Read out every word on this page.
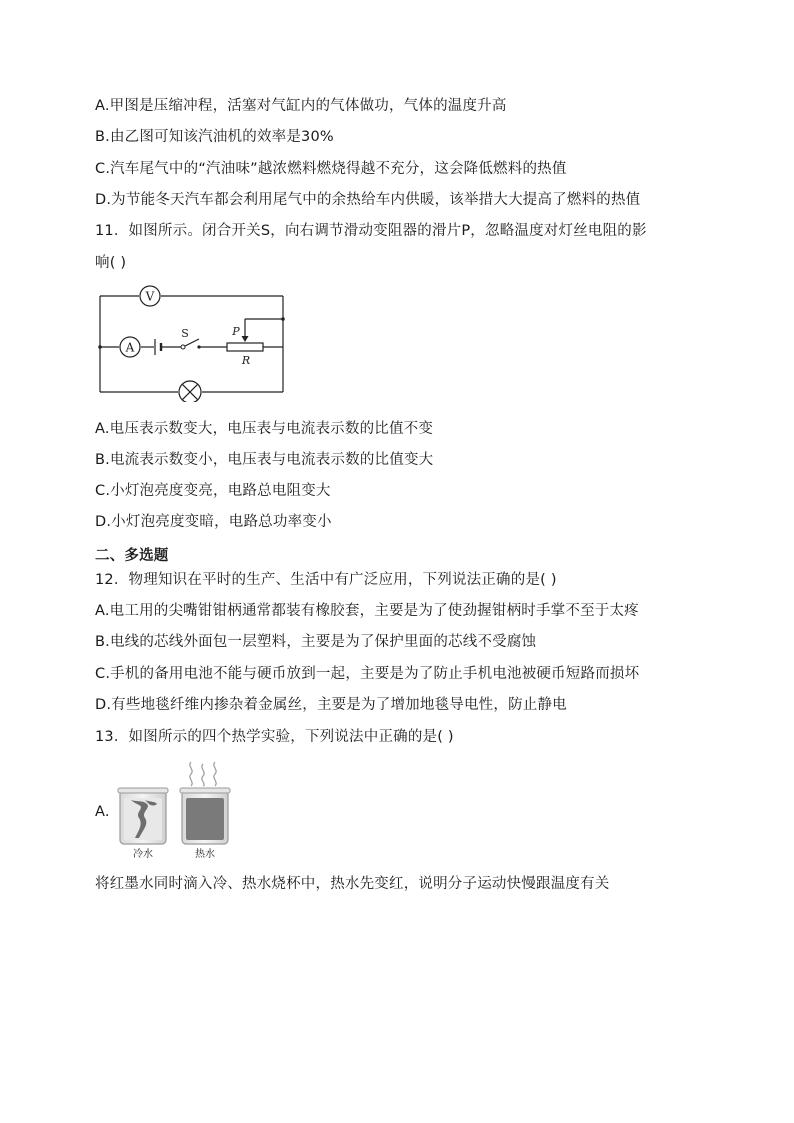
A.甲图是压缩冲程，活塞对气缸内的气体做功，气体的温度升高
B.由乙图可知该汽油机的效率是30%
C.汽车尾气中的“汽油味”越浓燃料燃烧得越不充分，这会降低燃料的热值
D.为节能冬天汽车都会利用尾气中的余热给车内供暖，该举措大大提高了燃料的热值
11．如图所示。闭合开关S，向右调节滑动变阻器的滑片P，忽略温度对灯丝电阻的影
响( )
V
A
S	P
R
A.电压表示数变大，电压表与电流表示数的比值不变
B.电流表示数变小，电压表与电流表示数的比值变大
C.小灯泡亮度变亮，电路总电阻变大
D.小灯泡亮度变暗，电路总功率变小
二、多选题
12．物理知识在平时的生产、生活中有广泛应用，下列说法正确的是( )
A.电工用的尖嘴钳钳柄通常都装有橡胶套，主要是为了使劲握钳柄时手掌不至于太疼
B.电线的芯线外面包一层塑料，主要是为了保护里面的芯线不受腐蚀
C.手机的备用电池不能与硬币放到一起，主要是为了防止手机电池被硬币短路而损坏
D.有些地毯纤维内掺杂着金属丝，主要是为了增加地毯导电性，防止静电
13．如图所示的四个热学实验，下列说法中正确的是( )
A.
冷水	热水
将红墨水同时滴入冷、热水烧杯中，热水先变红，说明分子运动快慢跟温度有关
